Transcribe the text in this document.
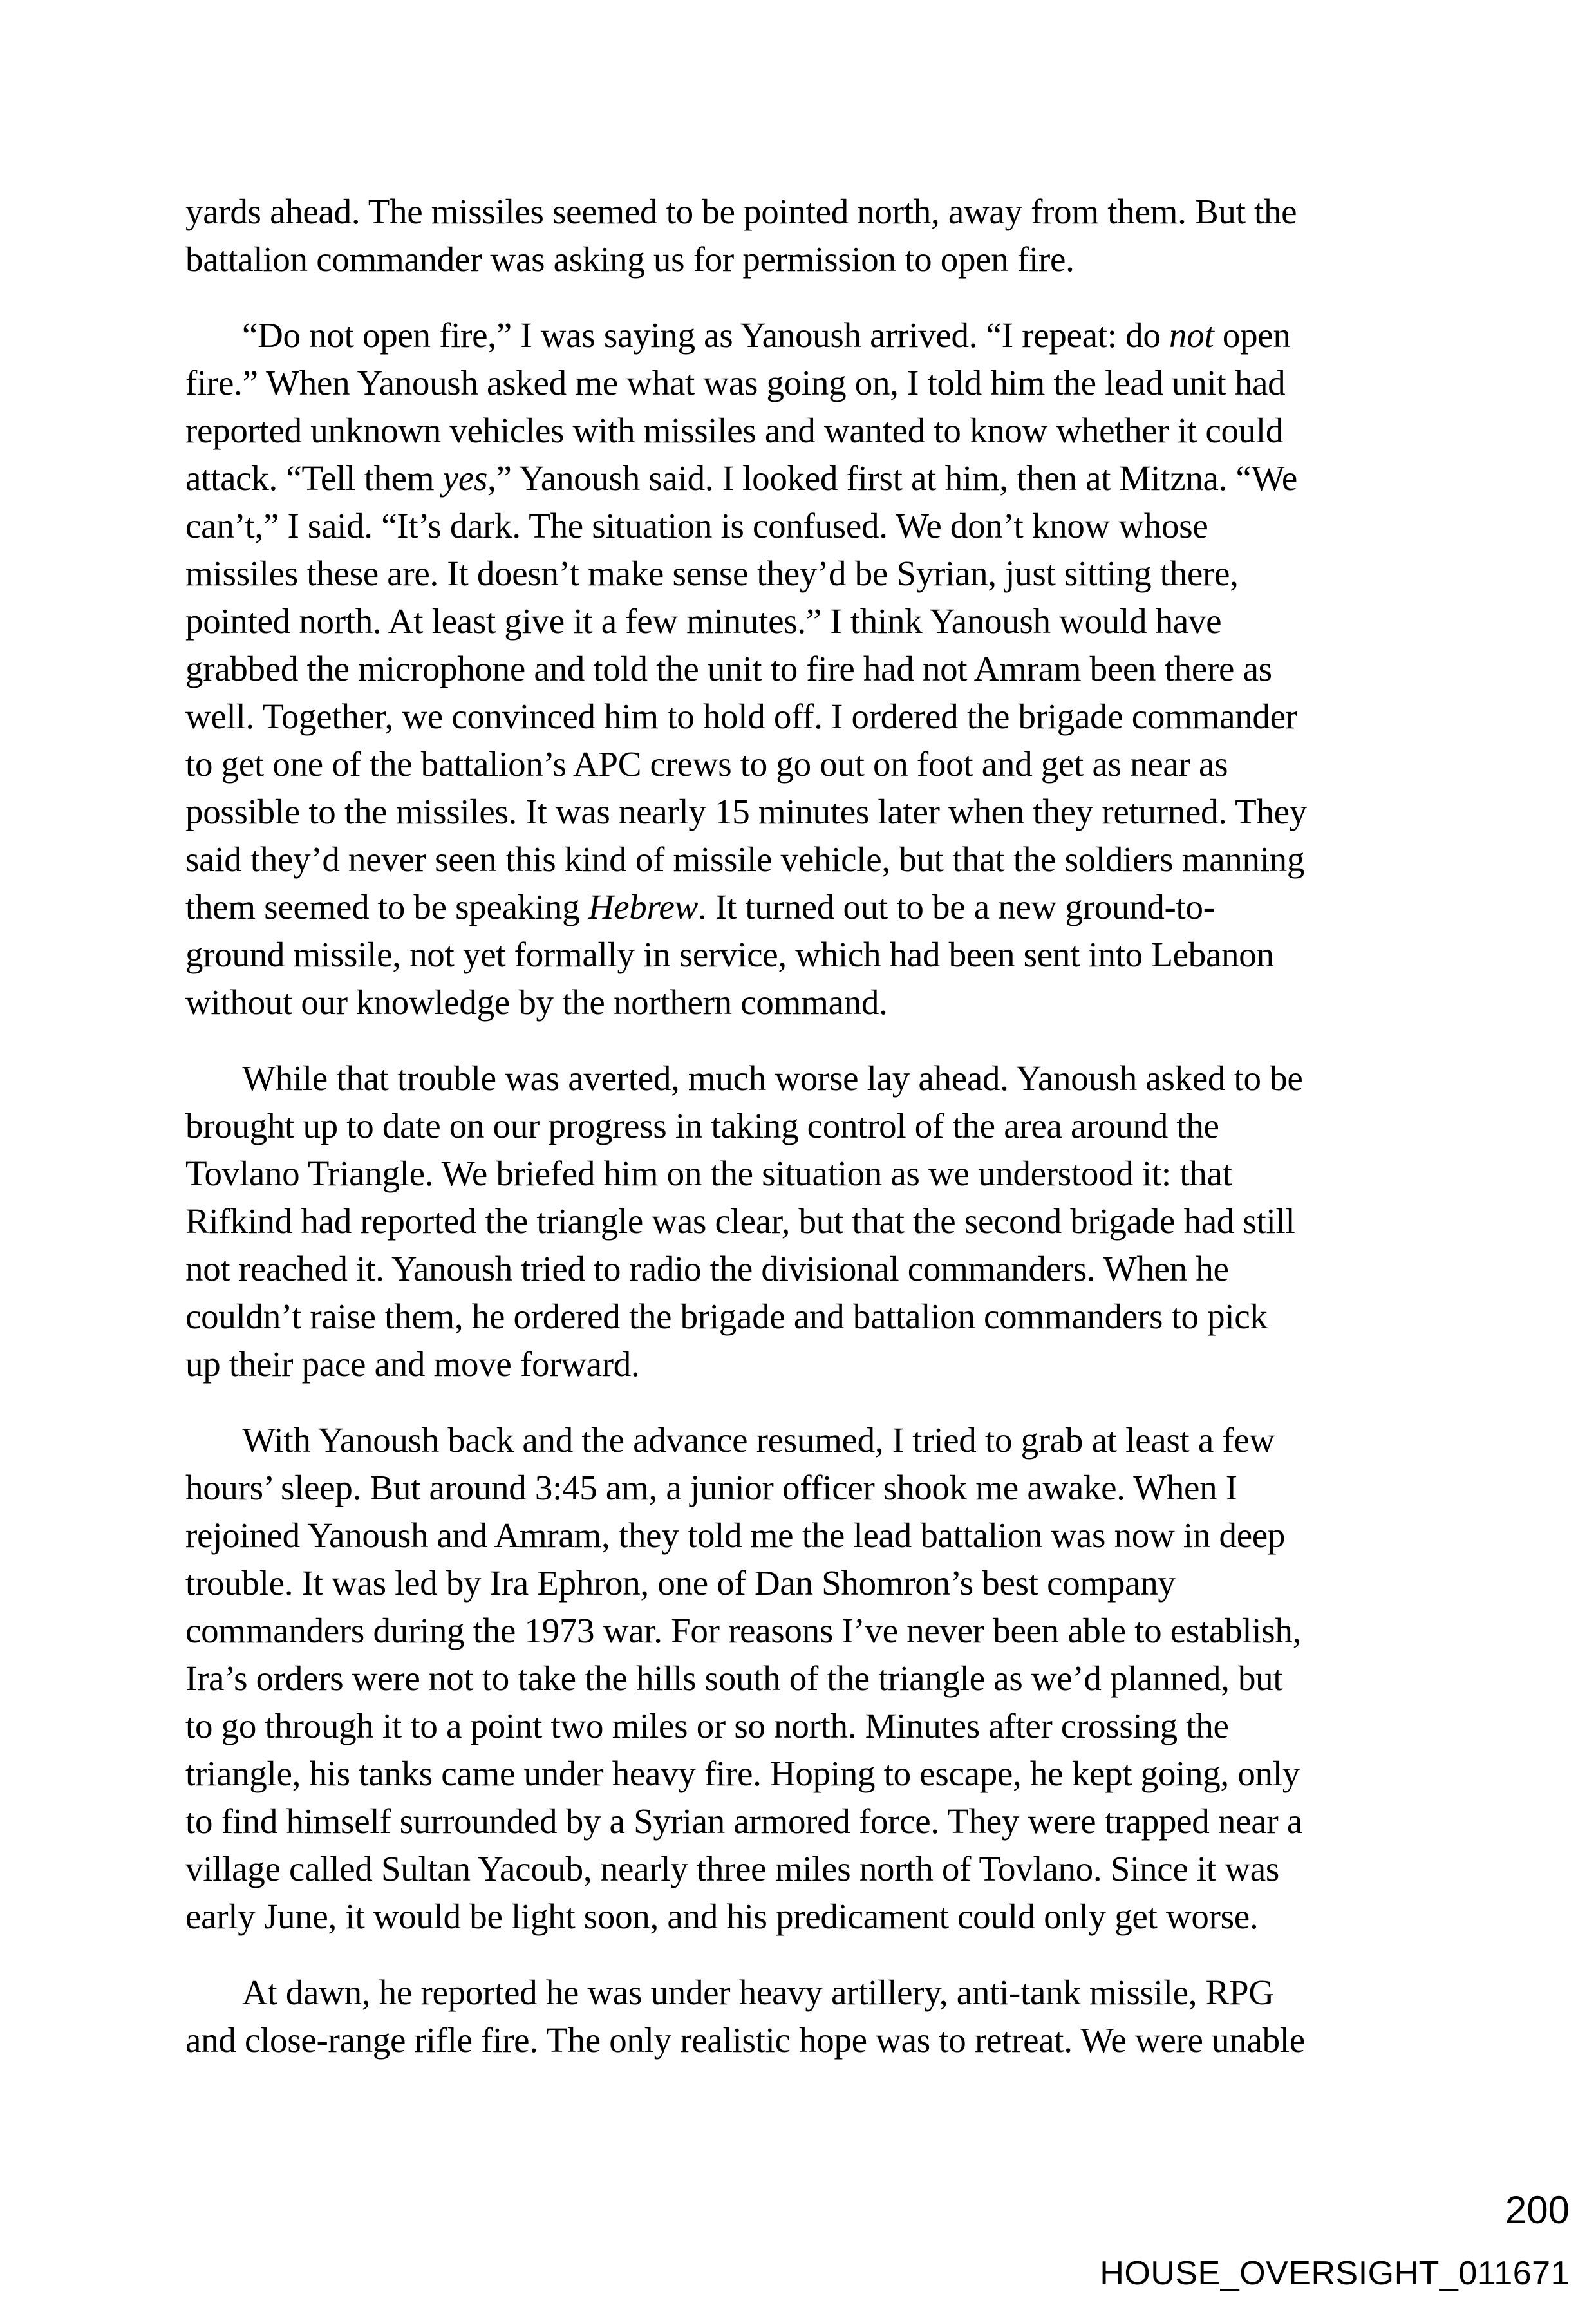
yards ahead. The missiles seemed to be pointed north, away from them. But the
battalion commander was asking us for permission to open fire.
“Do not open fire,” I was saying as Yanoush arrived. “I repeat: do not open
fire.” When Yanoush asked me what was going on, I told him the lead unit had
reported unknown vehicles with missiles and wanted to know whether it could
attack. “Tell them yes,” Yanoush said. I looked first at him, then at Mitzna. “We
can’t,” I said. “It’s dark. The situation is confused. We don’t know whose
missiles these are. It doesn’t make sense they’d be Syrian, just sitting there,
pointed north. At least give it a few minutes.” I think Yanoush would have
grabbed the microphone and told the unit to fire had not Amram been there as
well. Together, we convinced him to hold off. I ordered the brigade commander
to get one of the battalion’s APC crews to go out on foot and get as near as
possible to the missiles. It was nearly 15 minutes later when they returned. They
said they’d never seen this kind of missile vehicle, but that the soldiers manning
them seemed to be speaking Hebrew. It turned out to be a new ground-to-
ground missile, not yet formally in service, which had been sent into Lebanon
without our knowledge by the northern command.
While that trouble was averted, much worse lay ahead. Yanoush asked to be
brought up to date on our progress in taking control of the area around the
Tovlano Triangle. We briefed him on the situation as we understood it: that
Rifkind had reported the triangle was clear, but that the second brigade had still
not reached it. Yanoush tried to radio the divisional commanders. When he
couldn’t raise them, he ordered the brigade and battalion commanders to pick
up their pace and move forward.
With Yanoush back and the advance resumed, I tried to grab at least a few
hours’ sleep. But around 3:45 am, a junior officer shook me awake. When I
rejoined Yanoush and Amram, they told me the lead battalion was now in deep
trouble. It was led by Ira Ephron, one of Dan Shomron’s best company
commanders during the 1973 war. For reasons I’ve never been able to establish,
Ira’s orders were not to take the hills south of the triangle as we’d planned, but
to go through it to a point two miles or so north. Minutes after crossing the
triangle, his tanks came under heavy fire. Hoping to escape, he kept going, only
to find himself surrounded by a Syrian armored force. They were trapped near a
village called Sultan Yacoub, nearly three miles north of Tovlano. Since it was
early June, it would be light soon, and his predicament could only get worse.
At dawn, he reported he was under heavy artillery, anti-tank missile, RPG
and close-range rifle fire. The only realistic hope was to retreat. We were unable
200
HOUSE_OVERSIGHT_011671
